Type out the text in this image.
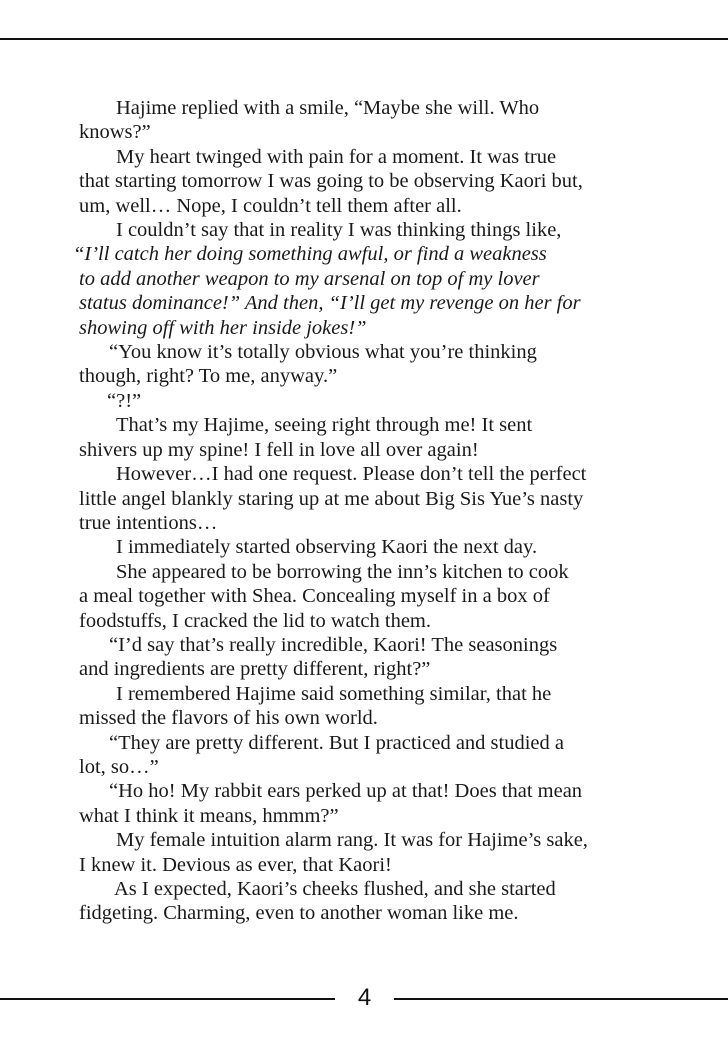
Hajime replied with a smile, “Maybe she will. Who
knows?”
My heart twinged with pain for a moment. It was true
that starting tomorrow I was going to be observing Kaori but,
um, well… Nope, I couldn’t tell them after all.
I couldn’t say that in reality I was thinking things like,
“I’ll catch her doing something awful, or find a weakness
to add another weapon to my arsenal on top of my lover
status dominance!” And then, “I’ll get my revenge on her for
showing off with her inside jokes!”
“You know it’s totally obvious what you’re thinking
though, right? To me, anyway.”
“?!”
That’s my Hajime, seeing right through me! It sent
shivers up my spine! I fell in love all over again!
However…I had one request. Please don’t tell the perfect
little angel blankly staring up at me about Big Sis Yue’s nasty
true intentions…
I immediately started observing Kaori the next day.
She appeared to be borrowing the inn’s kitchen to cook
a meal together with Shea. Concealing myself in a box of
foodstuffs, I cracked the lid to watch them.
“I’d say that’s really incredible, Kaori! The seasonings
and ingredients are pretty different, right?”
I remembered Hajime said something similar, that he
missed the flavors of his own world.
“They are pretty different. But I practiced and studied a
lot, so…”
“Ho ho! My rabbit ears perked up at that! Does that mean
what I think it means, hmmm?”
My female intuition alarm rang. It was for Hajime’s sake,
I knew it. Devious as ever, that Kaori!
As I expected, Kaori’s cheeks flushed, and she started
fidgeting. Charming, even to another woman like me.
4
